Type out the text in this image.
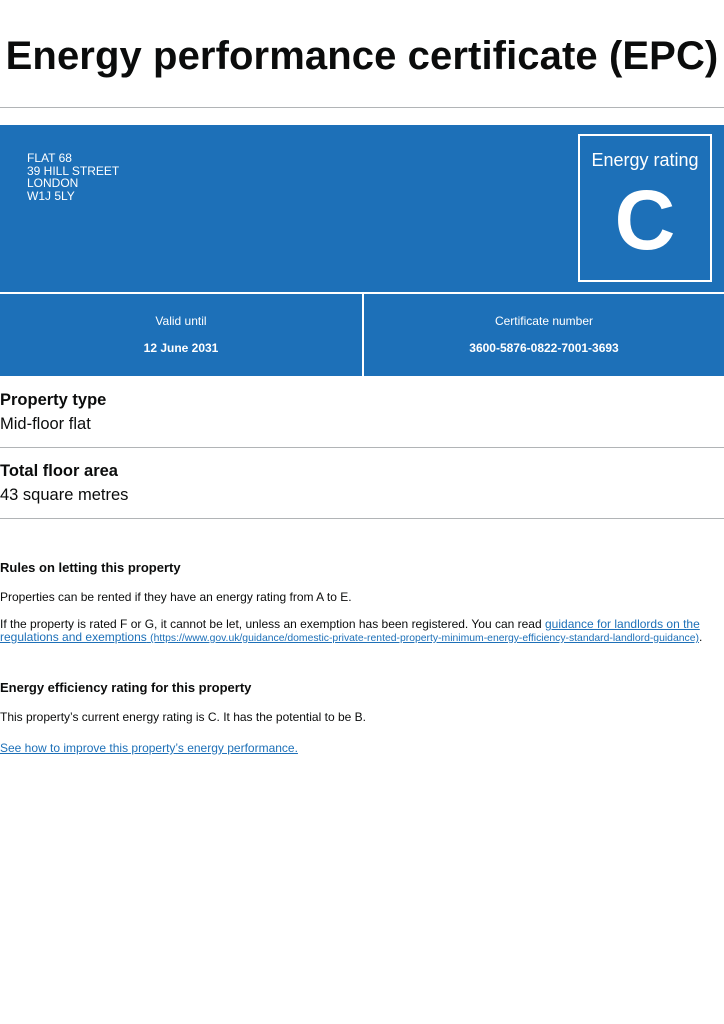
Energy performance certificate (EPC)
FLAT 68
39 HILL STREET
LONDON
W1J 5LY
Energy rating
C
Valid until
12 June 2031
Certificate number
3600-5876-0822-7001-3693
Property type
Mid-floor flat
Total floor area
43 square metres
Rules on letting this property

Properties can be rented if they have an energy rating from A to E.

If the property is rated F or G, it cannot be let, unless an exemption has been registered. You can read guidance for landlords on the regulations and exemptions (https://www.gov.uk/guidance/domestic-private-rented-property-minimum-energy-efficiency-standard-landlord-guidance).

Energy efficiency rating for this property

This property’s current energy rating is C. It has the potential to be B.

See how to improve this property’s energy performance.
